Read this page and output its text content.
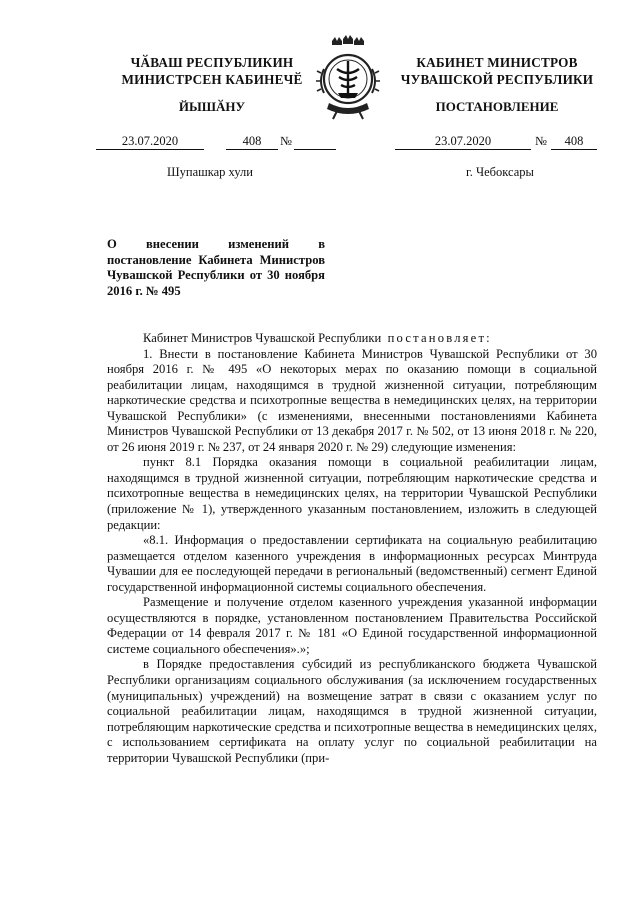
ЧӐВАШ РЕСПУБЛИКИН
МИНИСТРСЕН КАБИНЕЧӖ
ЙЫШӐНУ
КАБИНЕТ МИНИСТРОВ
ЧУВАШСКОЙ РЕСПУБЛИКИ
ПОСТАНОВЛЕНИЕ
23.07.2020	408	№	23.07.2020	№	408
Шупашкар хули	г. Чебоксары
О внесении изменений в постановление Кабинета Министров Чувашской Республики от 30 ноября 2016 г. № 495

Кабинет Министров Чувашской Республики постановляет:

1. Внести в постановление Кабинета Министров Чувашской Республики от 30 ноября 2016 г. № 495 «О некоторых мерах по оказанию помощи в социальной реабилитации лицам, находящимся в трудной жизненной ситуации, потребляющим наркотические средства и психотропные вещества в немедицинских целях, на территории Чувашской Республики» (с изменениями, внесенными постановлениями Кабинета Министров Чувашской Республики от 13 декабря 2017 г. № 502, от 13 июня 2018 г. № 220, от 26 июня 2019 г. № 237, от 24 января 2020 г. № 29) следующие изменения:

пункт 8.1 Порядка оказания помощи в социальной реабилитации лицам, находящимся в трудной жизненной ситуации, потребляющим наркотические средства и психотропные вещества в немедицинских целях, на территории Чувашской Республики (приложение № 1), утвержденного указанным постановлением, изложить в следующей редакции:

«8.1. Информация о предоставлении сертификата на социальную реабилитацию размещается отделом казенного учреждения в информационных ресурсах Минтруда Чувашии для ее последующей передачи в региональный (ведомственный) сегмент Единой государственной информационной системы социального обеспечения.

Размещение и получение отделом казенного учреждения указанной информации осуществляются в порядке, установленном постановлением Правительства Российской Федерации от 14 февраля 2017 г. № 181 «О Единой государственной информационной системе социального обеспечения».»;

в Порядке предоставления субсидий из республиканского бюджета Чувашской Республики организациям социального обслуживания (за исключением государственных (муниципальных) учреждений) на возмещение затрат в связи с оказанием услуг по социальной реабилитации лицам, находящимся в трудной жизненной ситуации, потребляющим наркотические средства и психотропные вещества в немедицинских целях, с использованием сертификата на оплату услуг по социальной реабилитации на территории Чувашской Республики (при-
